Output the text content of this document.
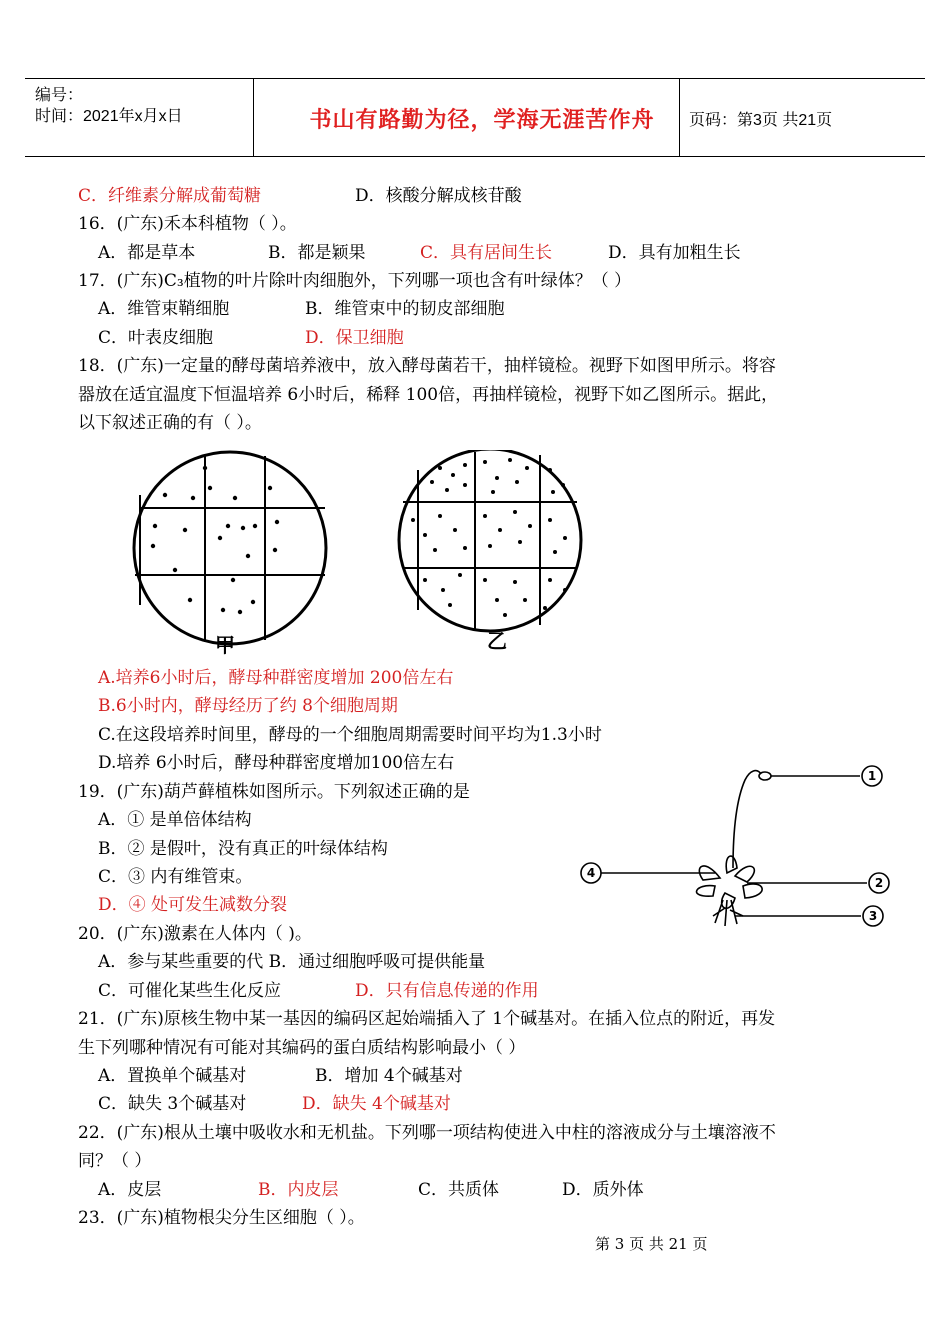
编号：
时间：2021年x月x日	书山有路勤为径，学海无涯苦作舟	页码：第3页 共21页
C．纤维素分解成葡萄糖	D．核酸分解成核苷酸
16．(广东)禾本科植物（ ）。
A．都是草本	B．都是颖果	C．具有居间生长	D．具有加粗生长
17．(广东)C₃植物的叶片除叶肉细胞外，下列哪一项也含有叶绿体？（ ）
A．维管束鞘细胞	B．维管束中的韧皮部细胞
C．叶表皮细胞	D．保卫细胞
18．(广东)一定量的酵母菌培养液中，放入酵母菌若干，抽样镜检。视野下如图甲所示。将容
器放在适宜温度下恒温培养 6小时后，稀释 100倍，再抽样镜检，视野下如乙图所示。据此，
以下叙述正确的有（ ）。
甲	乙
A.培养6小时后，酵母种群密度增加 200倍左右
B.6小时内，酵母经历了约 8个细胞周期
C.在这段培养时间里，酵母的一个细胞周期需要时间平均为1.3小时
D.培养 6小时后，酵母种群密度增加100倍左右
19．(广东)葫芦藓植株如图所示。下列叙述正确的是
A．① 是单倍体结构
B．② 是假叶，没有真正的叶绿体结构
C．③ 内有维管束。
D．④ 处可发生减数分裂
1
2
3
4
20．(广东)激素在人体内（ )。
A．参与某些重要的代 B．通过细胞呼吸可提供能量
C．可催化某些生化反应	D．只有信息传递的作用
21．(广东)原核生物中某一基因的编码区起始端插入了 1个碱基对。在插入位点的附近，再发
生下列哪种情况有可能对其编码的蛋白质结构影响最小（ ）
A．置换单个碱基对	B．增加 4个碱基对
C．缺失 3个碱基对	D．缺失 4个碱基对
22．(广东)根从土壤中吸收水和无机盐。下列哪一项结构使进入中柱的溶液成分与土壤溶液不
同？（ ）
A．皮层	B．内皮层	C．共质体	D．质外体
23．(广东)植物根尖分生区细胞（ ）。
第 3 页 共 21 页
